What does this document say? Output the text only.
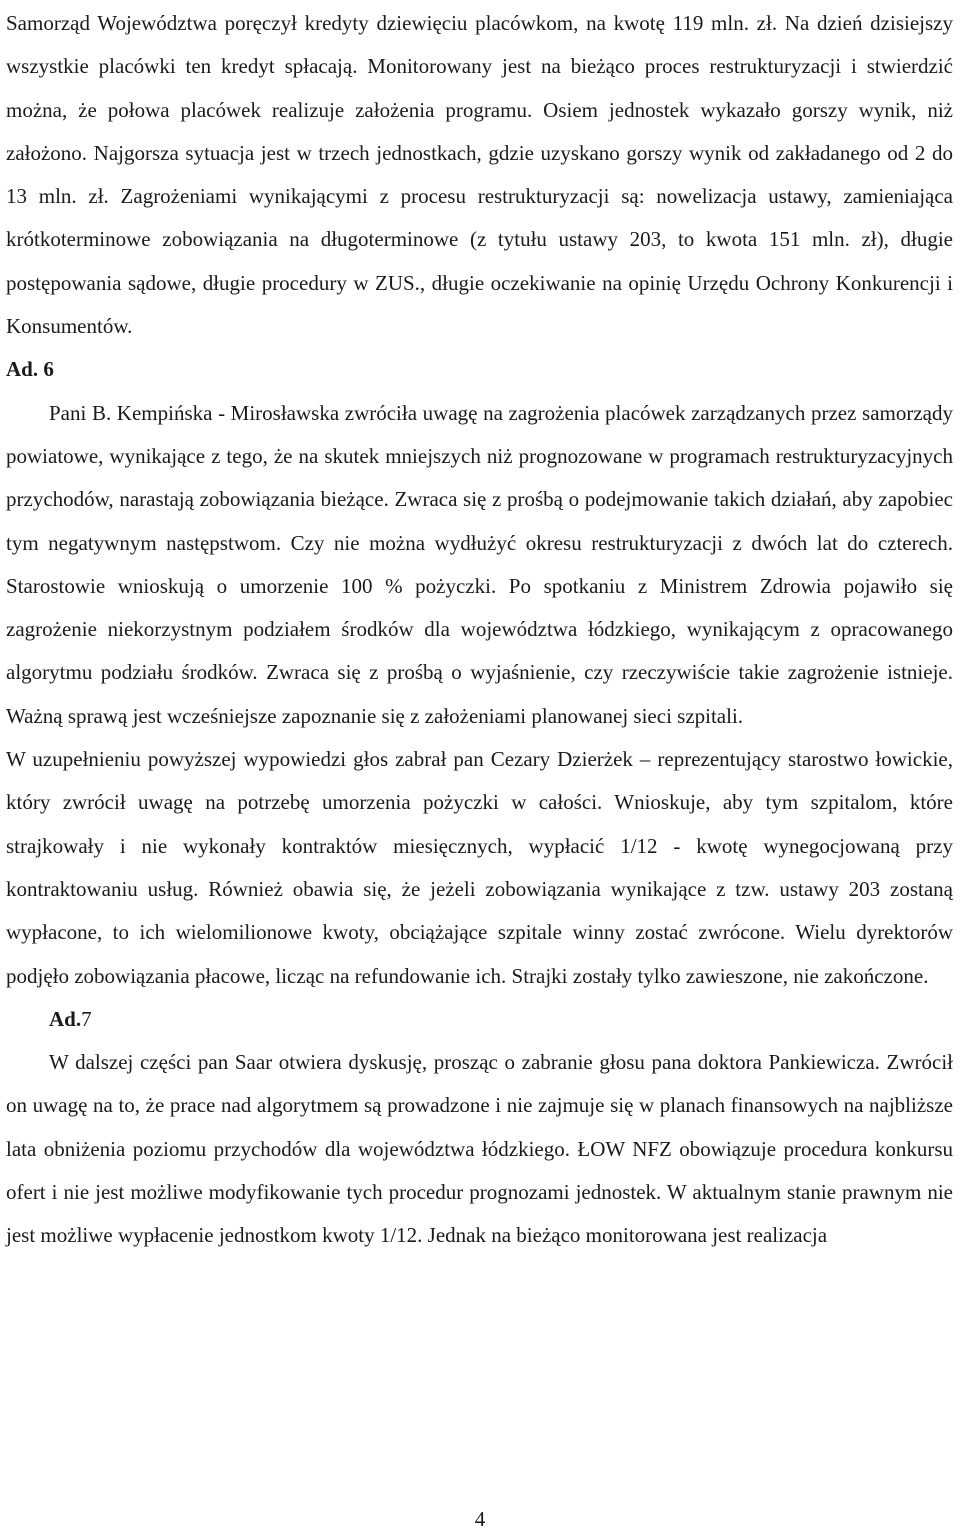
Samorząd Województwa poręczył kredyty dziewięciu placówkom, na kwotę 119 mln. zł. Na dzień dzisiejszy wszystkie placówki ten kredyt spłacają. Monitorowany jest na bieżąco proces restrukturyzacji i stwierdzić można, że połowa placówek realizuje założenia programu. Osiem jednostek wykazało gorszy wynik, niż założono. Najgorsza sytuacja jest w trzech jednostkach, gdzie uzyskano gorszy wynik od zakładanego od 2 do 13 mln. zł. Zagrożeniami wynikającymi z procesu restrukturyzacji są: nowelizacja ustawy, zamieniająca krótkoterminowe zobowiązania na długoterminowe (z tytułu ustawy 203, to kwota 151 mln. zł), długie postępowania sądowe, długie procedury w ZUS., długie oczekiwanie na opinię Urzędu Ochrony Konkurencji i Konsumentów.

Ad. 6

Pani B. Kempińska - Mirosławska zwróciła uwagę na zagrożenia placówek zarządzanych przez samorządy powiatowe, wynikające z tego, że na skutek mniejszych niż prognozowane w programach restrukturyzacyjnych przychodów, narastają zobowiązania bieżące. Zwraca się z prośbą o podejmowanie takich działań, aby zapobiec tym negatywnym następstwom. Czy nie można wydłużyć okresu restrukturyzacji z dwóch lat do czterech. Starostowie wnioskują o umorzenie 100 % pożyczki. Po spotkaniu z Ministrem Zdrowia pojawiło się zagrożenie niekorzystnym podziałem środków dla województwa łódzkiego, wynikającym z opracowanego algorytmu podziału środków. Zwraca się z prośbą o wyjaśnienie, czy rzeczywiście takie zagrożenie istnieje. Ważną sprawą jest wcześniejsze zapoznanie się z założeniami planowanej sieci szpitali.

W uzupełnieniu powyższej wypowiedzi głos zabrał pan Cezary Dzierżek – reprezentujący starostwo łowickie, który zwrócił uwagę na potrzebę umorzenia pożyczki w całości. Wnioskuje, aby tym szpitalom, które strajkowały i nie wykonały kontraktów miesięcznych, wypłacić 1/12 - kwotę wynegocjowaną przy kontraktowaniu usług. Również obawia się, że jeżeli zobowiązania wynikające z tzw. ustawy 203 zostaną wypłacone, to ich wielomilionowe kwoty, obciążające szpitale winny zostać zwrócone. Wielu dyrektorów podjęło zobowiązania płacowe, licząc na refundowanie ich. Strajki zostały tylko zawieszone, nie zakończone.

Ad.7

W dalszej części pan Saar otwiera dyskusję, prosząc o zabranie głosu pana doktora Pankiewicza. Zwrócił on uwagę na to, że prace nad algorytmem są prowadzone i nie zajmuje się w planach finansowych na najbliższe lata obniżenia poziomu przychodów dla województwa łódzkiego. ŁOW NFZ obowiązuje procedura konkursu ofert i nie jest możliwe modyfikowanie tych procedur prognozami jednostek. W aktualnym stanie prawnym nie jest możliwe wypłacenie jednostkom kwoty 1/12. Jednak na bieżąco monitorowana jest realizacja

4
